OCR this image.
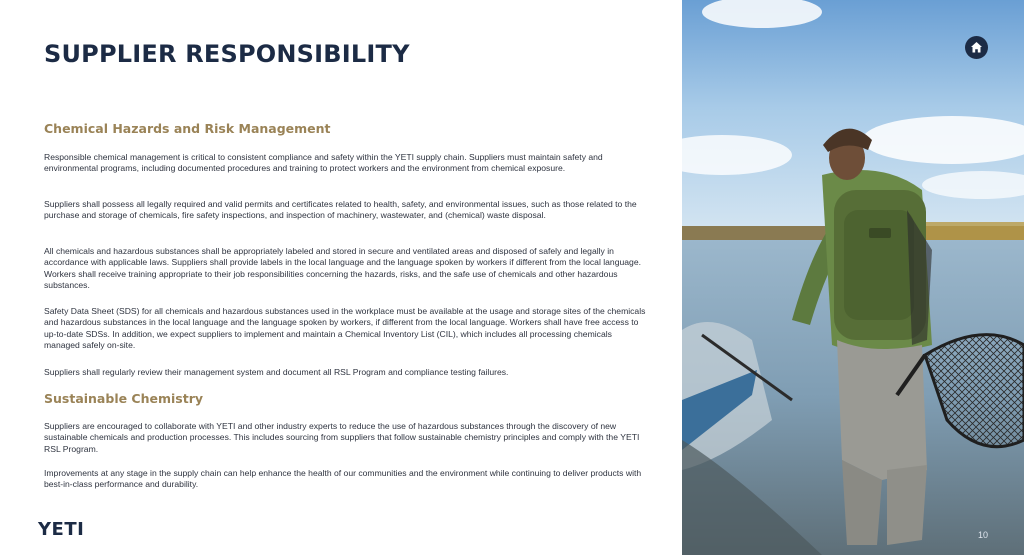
SUPPLIER RESPONSIBILITY
Chemical Hazards and Risk Management

Responsible chemical management is critical to consistent compliance and safety within the YETI supply chain. Suppliers must maintain safety and environmental programs, including documented procedures and training to protect workers and the environment from chemical exposure.

Suppliers shall possess all legally required and valid permits and certificates related to health, safety, and environmental issues, such as those related to the purchase and storage of chemicals, fire safety inspections, and inspection of machinery, wastewater, and (chemical) waste disposal.

All chemicals and hazardous substances shall be appropriately labeled and stored in secure and ventilated areas and disposed of safely and legally in accordance with applicable laws. Suppliers shall provide labels in the local language and the language spoken by workers if different from the local language. Workers shall receive training appropriate to their job responsibilities concerning the hazards, risks, and the safe use of chemicals and other hazardous substances.

Safety Data Sheet (SDS) for all chemicals and hazardous substances used in the workplace must be available at the usage and storage sites of the chemicals and hazardous substances in the local language and the language spoken by workers, if different from the local language. Workers shall have free access to up-to-date SDSs. In addition, we expect suppliers to implement and maintain a Chemical Inventory List (CIL), which includes all processing chemicals managed safely on-site.

Suppliers shall regularly review their management system and document all RSL Program and compliance testing failures.

Sustainable Chemistry

Suppliers are encouraged to collaborate with YETI and other industry experts to reduce the use of hazardous substances through the discovery of new sustainable chemicals and production processes. This includes sourcing from suppliers that follow sustainable chemistry principles and comply with the YETI RSL Program.

Improvements at any stage in the supply chain can help enhance the health of our communities and the environment while continuing to deliver products with best-in-class performance and durability.

YETI	10
